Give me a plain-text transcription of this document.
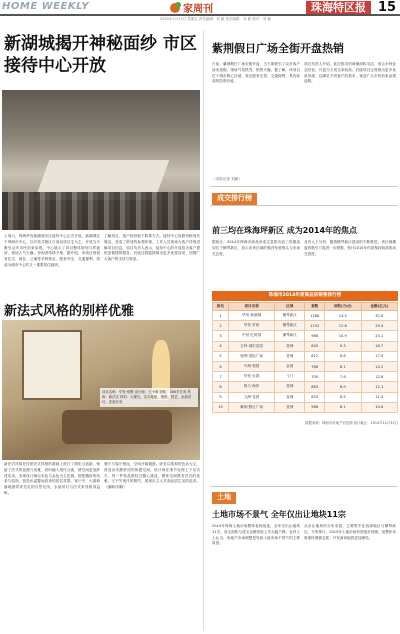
HOME WEEKLY	家周刊	珠海特区报 15
2015年1月23日 星期五 责任编辑：刘 颖 美术编辑：刘 颖 校对：刘 颖
新湖城揭开神秘面纱 市区接待中心开放
上周六，珠海华发新湖城市区接待中心正式开放。新湖城位于珠海市中心，以开放式街区与高品质住宅为主，开放当天吸引众多市民前来参观。中心展示了项目整体规划与样板房，现场人气火爆，咨询者络绎不绝。据介绍，该项目规划有住宅、商业、公寓等多种物业，配套齐全，交通便利，将成为城市中心的又一重要居住板块。
了解项目，客户纷纷留下联系方式。接待中心装修风格现代简洁，营造了舒适的参观环境，工作人员现场为客户详细讲解项目信息。项目负责人表示，接待中心的开放将为客户提供更便捷的服务，后续还将陆续推出更多优惠活动，回馈广大客户的支持与厚爱。
新法式风格的别样优雅
项目名称：华发·别墅 设计师：王小明 面积：300平方米 风格：新法式 材料：大理石、实木地板、壁纸、铁艺、水晶吊灯、皮质沙发
新法式风格在传统法式风格的基础上进行了简化与创新，保留了法式的浪漫与优雅，同时融入现代元素，使空间更加舒适实用。本案设计师以米色与金色为主色调，搭配精致的线条与装饰，营造出温馨而高贵的居住氛围。客厅中，大面积落地窗带来充足的自然光线，水晶吊灯与法式家具相得益彰。
餐厅与客厅相连，空间开阔通透。卧室以柔和的色彩为主，营造出安静舒适的休憩空间。设计师在细节处理上下足功夫，每一件饰品都经过精心挑选，整体空间既有法式的优雅，又不失现代的简约，展现出主人对高品质生活的追求。（编辑/刘颖）
紫荆假日广场全街开盘热销
日前，紫荆假日广场全街开盘，当天即吸引了众多客户前来选购，现场气氛热烈，销售火爆。据了解，该项目位于城市核心区域，周边配套完善，交通便利，具有较高的投资价值。
项目负责人介绍，此次推出的商铺面积灵活，适合多种业态经营，开盘当天成交率较高。后续项目还将推出更多优质房源，以满足不同客户的需求，欢迎广大市民前来参观选购。
（本报记者 刘颖）
成交排行榜
前三均在珠海坪新区 成为2014年的焦点
据统计，2014年珠海市商品房成交量排名前三的楼盘均位于横琴新区，显示出该区域的强劲发展势头与市场关注度。
业内人士分析，随着横琴新区建设的不断推进，该区域楼盘的吸引力将进一步增强，预计2015年仍将保持较高的成交热度。
珠海市2014年度商品房销售排行榜
排名	项目名称	区域	套数	面积(万㎡)	金额(亿元)
1	华发·新湖城	横琴新区	1286	14.2	32.6
2	华发·首府	横琴新区	1102	12.8	29.4
3	中信·红树湾	横琴新区	986	10.9	25.1
4	万科·城市花园	香洲	845	9.3	18.7
5	保利·国际广场	香洲	812	8.6	17.9
6	中海·观园	金湾	768	8.1	14.2
7	华发·水郡	斗门	705	7.6	12.8
8	格力·海岸	香洲	663	6.9	12.1
9	九洲·花园	香洲	620	6.5	11.4
10	紫荆·假日广场	香洲	588	6.1	10.6
数据来源：珠海市房地产信息网 统计截止：2014年12月31日
土地
土地市场不景气 全年仅出让地块11宗
2014年珠海土地市场整体表现低迷，全年仅出让地块11宗，成交面积与成交金额均较上年大幅下降。业内人士认为，房地产市场调整是导致土地市场不景气的主要原因。
从出让地块的分布来看，主要集中在西部地区与横琴新区。专家预计，2015年土地市场有望逐步回暖，但整体仍将保持谨慎态度，开发商拿地将更加理性。
